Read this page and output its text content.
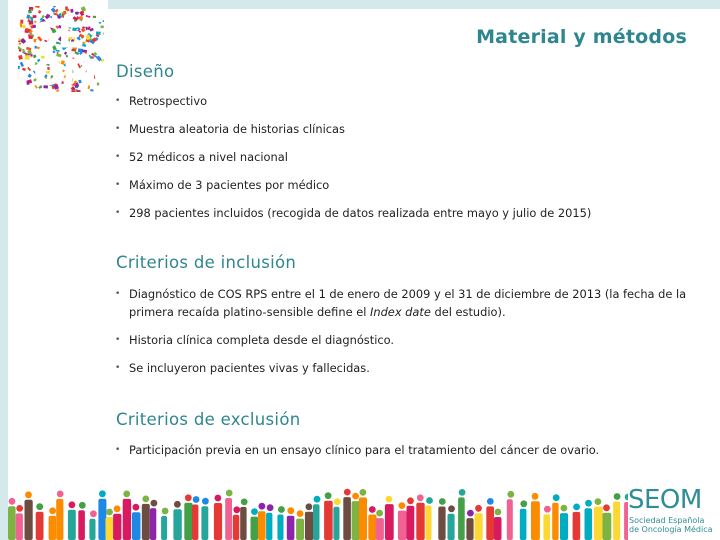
SE
OM
Material y métodos
Diseño
• Retrospectivo
• Muestra aleatoria de historias clínicas
• 52 médicos a nivel nacional
• Máximo de 3 pacientes por médico
• 298 pacientes incluidos (recogida de datos realizada entre mayo y julio de 2015)
Criterios de inclusión
• Diagnóstico de COS RPS entre el 1 de enero de 2009 y el 31 de diciembre de 2013 (la fecha de la primera recaída platino-sensible define el Index date del estudio).
• Historia clínica completa desde el diagnóstico.
• Se incluyeron pacientes vivas y fallecidas.
Criterios de exclusión
• Participación previa en un ensayo clínico para el tratamiento del cáncer de ovario.
SEOM
Sociedad Española
de Oncología Médica
